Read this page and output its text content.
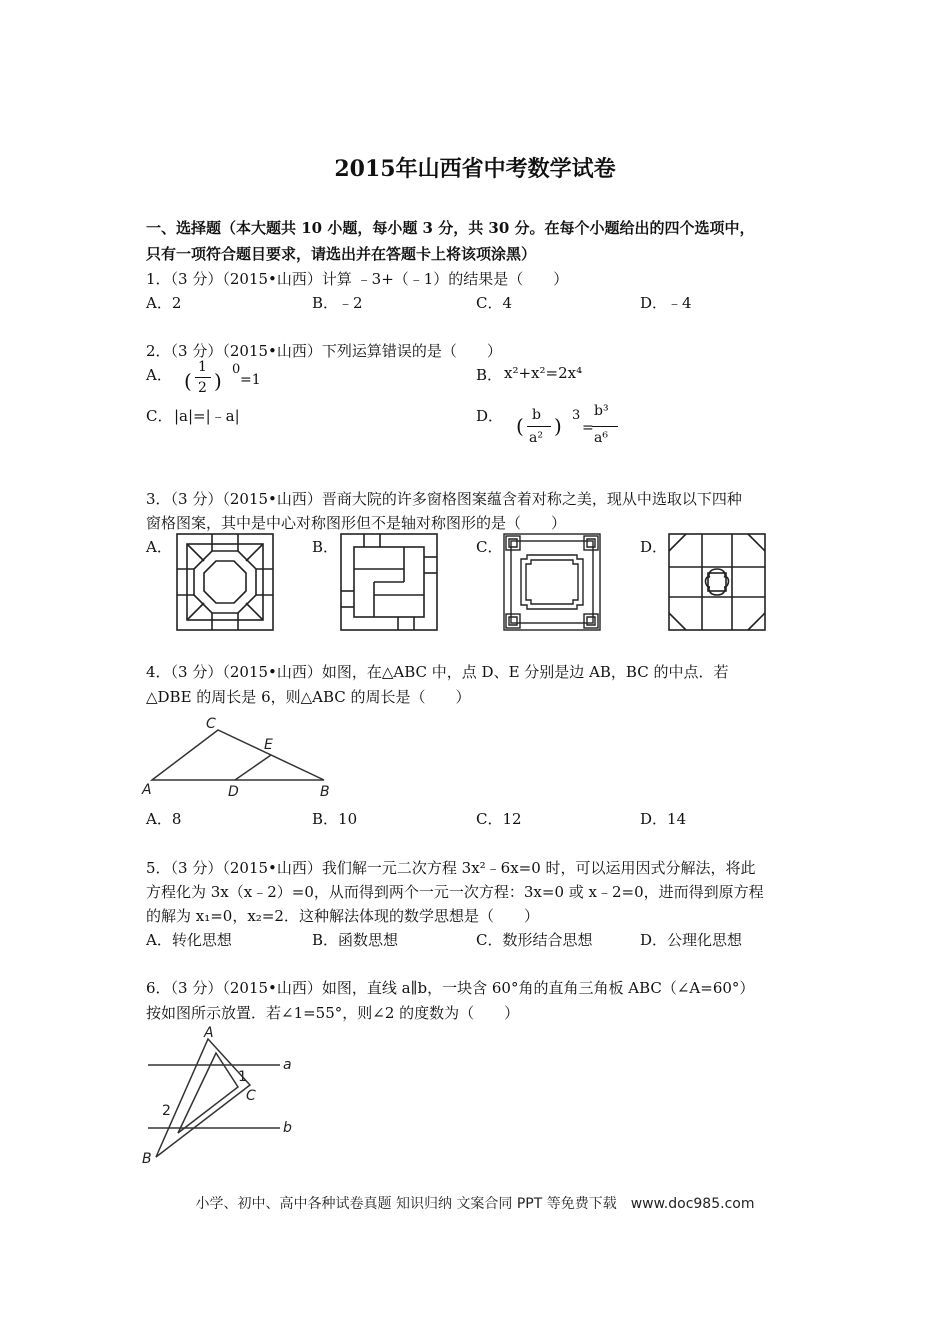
2015年山西省中考数学试卷
一、选择题（本大题共 10 小题，每小题 3 分，共 30 分。在每个小题给出的四个选项中，
只有一项符合题目要求，请选出并在答题卡上将该项涂黑）
1．（3 分）（2015•山西）计算 ﹣3+（﹣1）的结果是（　　）
A．2	B．﹣2	C．4	D．﹣4
2．（3 分）（2015•山西）下列运算错误的是（　　）
A． (
1
2 ) 0
=1	B． x²+x²=2x⁴
C． |a|=|﹣a|	D． ( b
a² ) 3
=
b³
a⁶
3．（3 分）（2015•山西）晋商大院的许多窗格图案蕴含着对称之美，现从中选取以下四种
窗格图案，其中是中心对称图形但不是轴对称图形的是（　　）
A．	B．	C．	D．
4．（3 分）（2015•山西）如图，在△ABC 中，点 D、E 分别是边 AB，BC 的中点．若
△DBE 的周长是 6，则△ABC 的周长是（　　）
C
E
A	D	B
A．8	B．10	C．12	D．14
5．（3 分）（2015•山西）我们解一元二次方程 3x²﹣6x=0 时，可以运用因式分解法，将此
方程化为 3x（x﹣2）=0，从而得到两个一元一次方程：3x=0 或 x﹣2=0，进而得到原方程
的解为 x₁=0，x₂=2．这种解法体现的数学思想是（　　）
A．转化思想	B．函数思想	C．数形结合思想	D．公理化思想
6．（3 分）（2015•山西）如图，直线 a∥b，一块含 60°角的直角三角板 ABC（∠A=60°）
按如图所示放置．若∠1=55°，则∠2 的度数为（　　）
A
a
1
C
2
b
B
小学、初中、高中各种试卷真题 知识归纳 文案合同 PPT 等免费下载　www.doc985.com
